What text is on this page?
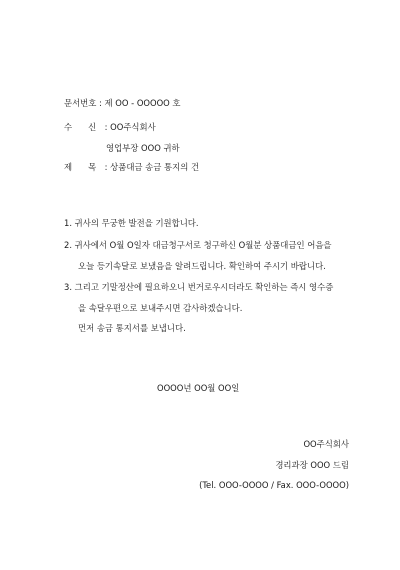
문서번호 : 제 OO - OOOOO 호
수      신 : OO주식회사
영업부장 OOO 귀하
제      목 : 상품대금 송금 통지의 건
1. 귀사의 무궁한 발전을 기원합니다.
2. 귀사에서 O월 O일자 대금청구서로 청구하신 O월분 상품대금인 어음을
오늘 등기속달로 보냈음을 알려드립니다. 확인하여 주시기 바랍니다.
3. 그리고 기말정산에 필요하오니 번거로우시더라도 확인하는 즉시 영수증
을 속달우편으로 보내주시면 감사하겠습니다.
먼저 송금 통지서를 보냅니다.
OOOO년 OO월 OO일
OO주식회사
경리과장 OOO 드림
(Tel. OOO-OOOO / Fax. OOO-OOOO)
